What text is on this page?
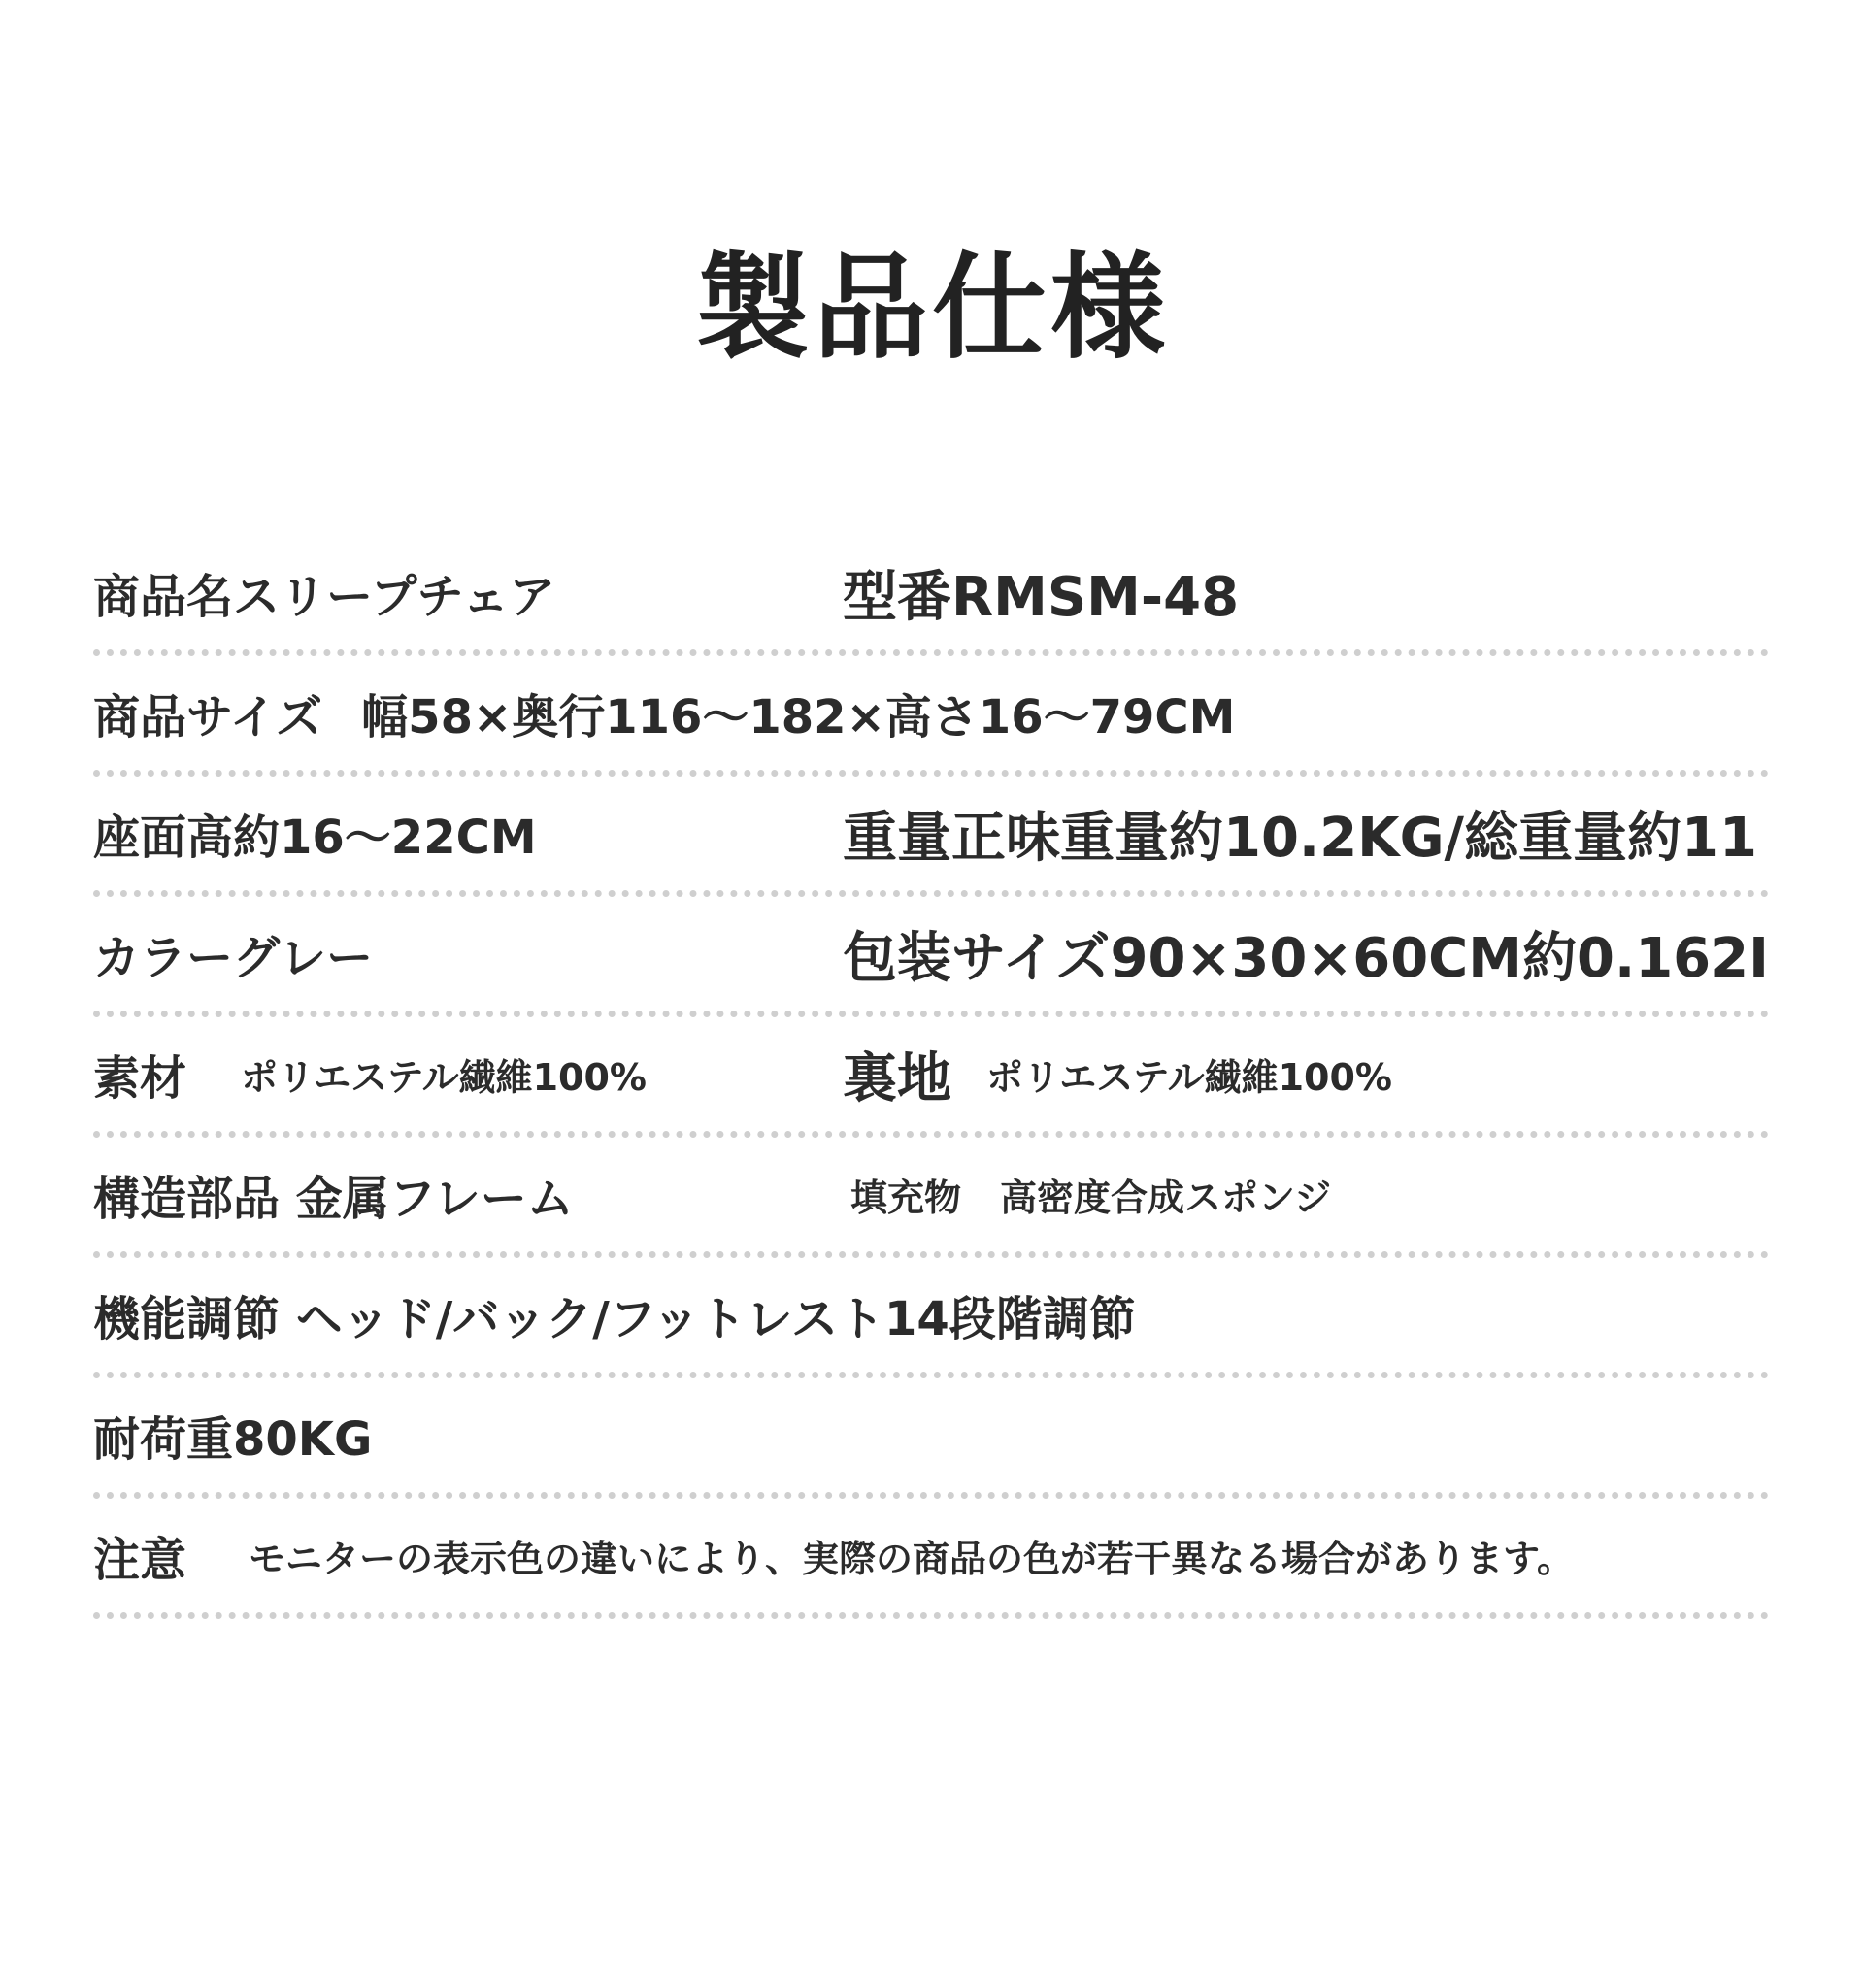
製品仕様
商品名スリープチェア	型番RMSM-48
商品サイズ 幅58×奥行116～182×高さ16～79CM
座面高約16～22CM	重量正味重量約10.2KG/総重量約11
カラーグレー	包装サイズ90×30×60CM約0.162I
素材 ポリエステル繊維100%	裏地 ポリエステル繊維100%
構造部品 金属フレーム	填充物 高密度合成スポンジ
機能調節 ヘッド/バック/フットレスト14段階調節
耐荷重80KG
注意 モニターの表示色の違いにより、実際の商品の色が若干異なる場合があります。
